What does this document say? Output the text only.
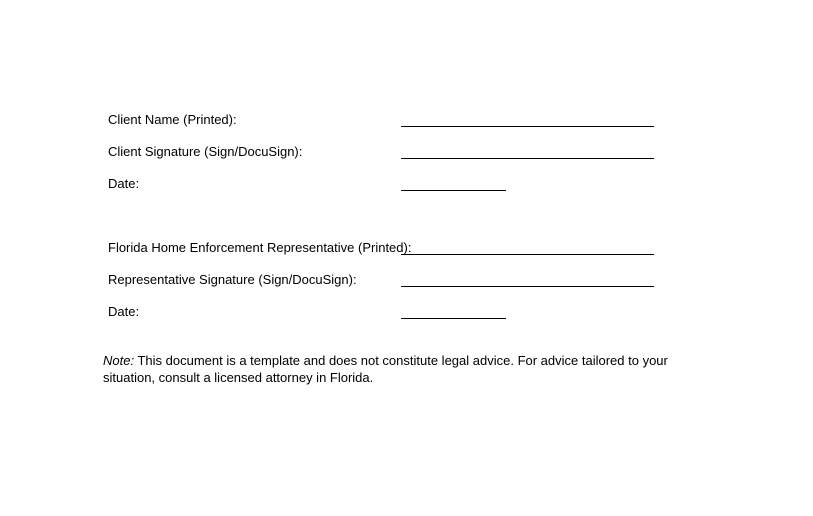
Client Name (Printed):
Client Signature (Sign/DocuSign):
Date:
Florida Home Enforcement Representative (Printed):
Representative Signature (Sign/DocuSign):
Date:
Note: This document is a template and does not constitute legal advice. For advice tailored to your situation, consult a licensed attorney in Florida.
